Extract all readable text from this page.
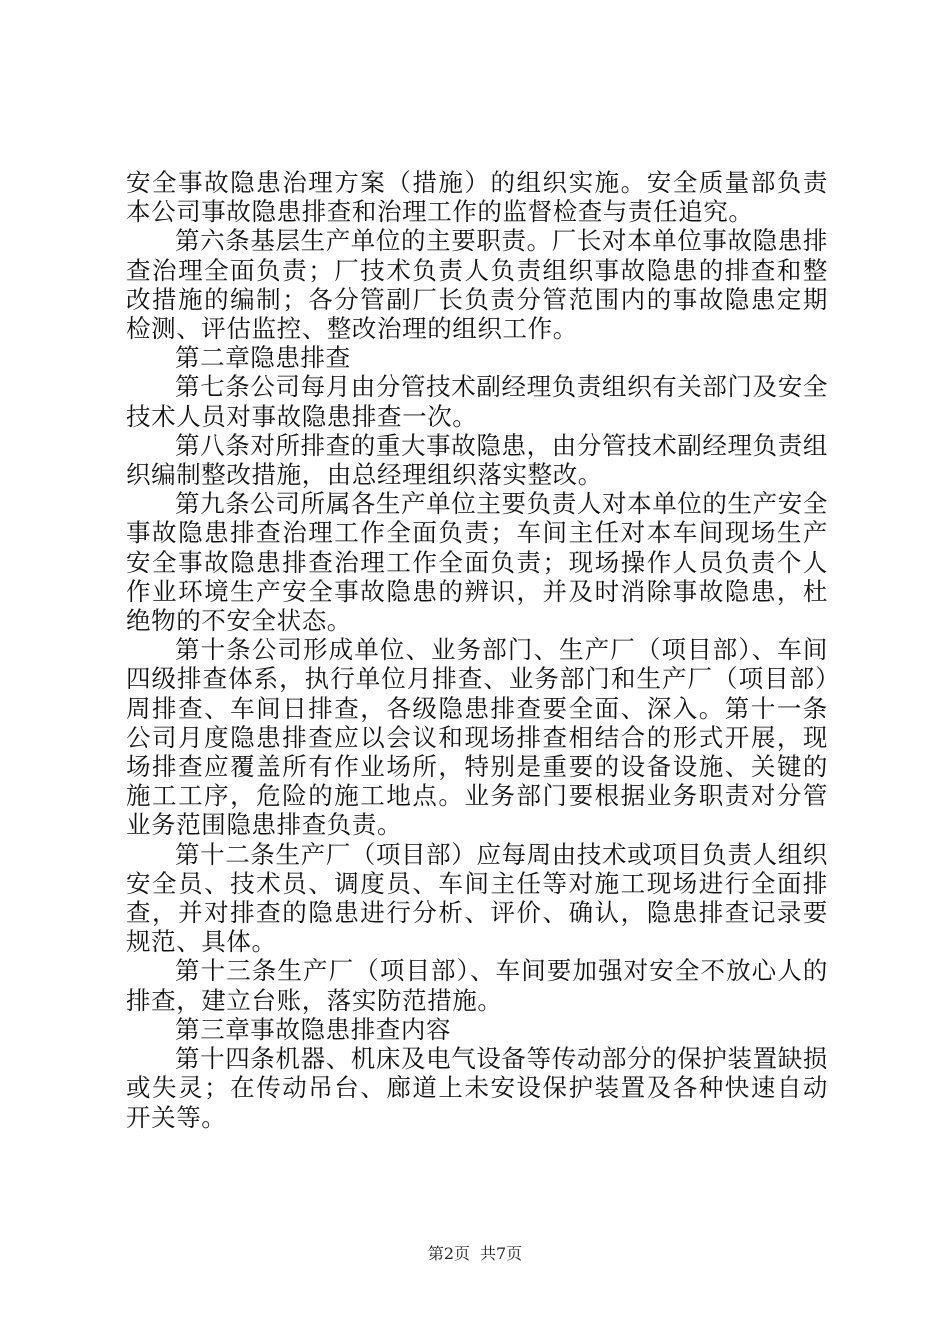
安全事故隐患治理方案（措施）的组织实施。安全质量部负责本公司事故隐患排查和治理工作的监督检查与责任追究。

第六条基层生产单位的主要职责。厂长对本单位事故隐患排查治理全面负责；厂技术负责人负责组织事故隐患的排查和整改措施的编制；各分管副厂长负责分管范围内的事故隐患定期检测、评估监控、整改治理的组织工作。

第二章隐患排查

第七条公司每月由分管技术副经理负责组织有关部门及安全技术人员对事故隐患排查一次。

第八条对所排查的重大事故隐患，由分管技术副经理负责组织编制整改措施，由总经理组织落实整改。

第九条公司所属各生产单位主要负责人对本单位的生产安全事故隐患排查治理工作全面负责；车间主任对本车间现场生产安全事故隐患排查治理工作全面负责；现场操作人员负责个人作业环境生产安全事故隐患的辨识，并及时消除事故隐患，杜绝物的不安全状态。

第十条公司形成单位、业务部门、生产厂（项目部）、车间四级排查体系，执行单位月排查、业务部门和生产厂（项目部）周排查、车间日排查，各级隐患排查要全面、深入。第十一条公司月度隐患排查应以会议和现场排查相结合的形式开展，现场排查应覆盖所有作业场所，特别是重要的设备设施、关键的施工工序，危险的施工地点。业务部门要根据业务职责对分管业务范围隐患排查负责。

第十二条生产厂（项目部）应每周由技术或项目负责人组织安全员、技术员、调度员、车间主任等对施工现场进行全面排查，并对排查的隐患进行分析、评价、确认，隐患排查记录要规范、具体。

第十三条生产厂（项目部）、车间要加强对安全不放心人的排查，建立台账，落实防范措施。

第三章事故隐患排查内容

第十四条机器、机床及电气设备等传动部分的保护装置缺损或失灵；在传动吊台、廊道上未安设保护装置及各种快速自动开关等。

第2页 共7页
